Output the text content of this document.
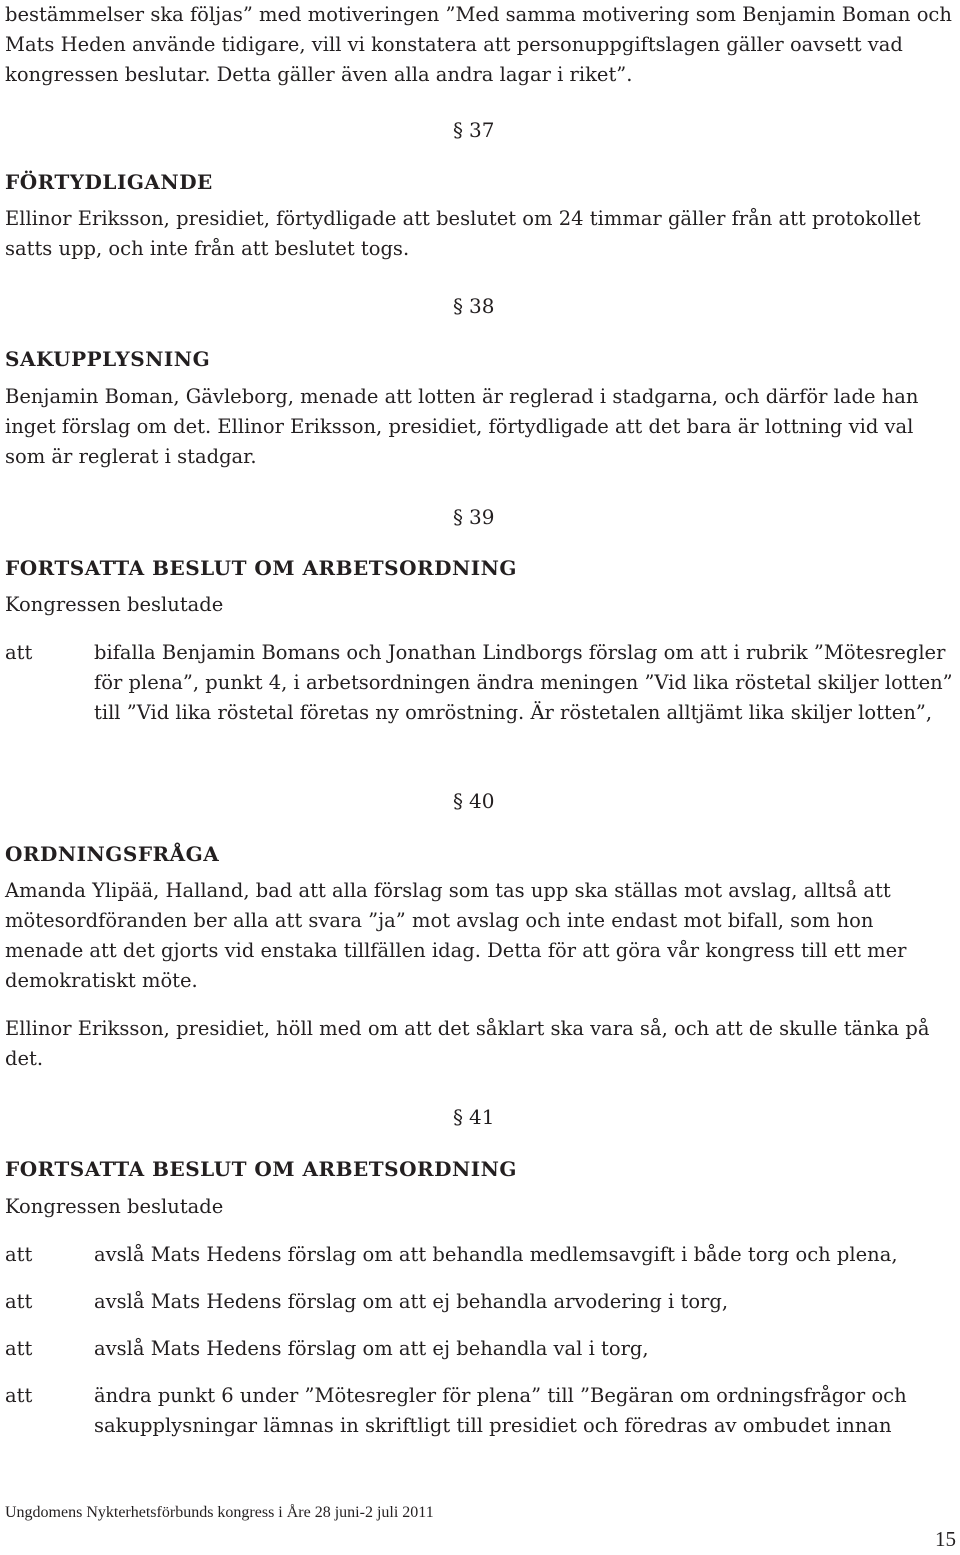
bestämmelser ska följas” med motiveringen ”Med samma motivering som Benjamin Boman och Mats Heden använde tidigare, vill vi konstatera att personuppgiftslagen gäller oavsett vad kongressen beslutar. Detta gäller även alla andra lagar i riket”.

§ 37
FÖRTYDLIGANDE

Ellinor Eriksson, presidiet, förtydligade att beslutet om 24 timmar gäller från att protokollet satts upp, och inte från att beslutet togs.

§ 38
SAKUPPLYSNING

Benjamin Boman, Gävleborg, menade att lotten är reglerad i stadgarna, och därför lade han inget förslag om det. Ellinor Eriksson, presidiet, förtydligade att det bara är lottning vid val som är reglerat i stadgar.

§ 39
FORTSATTA BESLUT OM ARBETSORDNING

Kongressen beslutade

att	bifalla Benjamin Bomans och Jonathan Lindborgs förslag om att i rubrik ”Mötesregler för plena”, punkt 4, i arbetsordningen ändra meningen ”Vid lika röstetal skiljer lotten” till ”Vid lika röstetal företas ny omröstning. Är röstetalen alltjämt lika skiljer lotten”,
§ 40
ORDNINGSFRÅGA

Amanda Ylipää, Halland, bad att alla förslag som tas upp ska ställas mot avslag, alltså att mötesordföranden ber alla att svara ”ja” mot avslag och inte endast mot bifall, som hon menade att det gjorts vid enstaka tillfällen idag. Detta för att göra vår kongress till ett mer demokratiskt möte.

Ellinor Eriksson, presidiet, höll med om att det såklart ska vara så, och att de skulle tänka på det.

§ 41
FORTSATTA BESLUT OM ARBETSORDNING

Kongressen beslutade

att	avslå Mats Hedens förslag om att behandla medlemsavgift i både torg och plena,
att	avslå Mats Hedens förslag om att ej behandla arvodering i torg,
att	avslå Mats Hedens förslag om att ej behandla val i torg,
att	ändra punkt 6 under ”Mötesregler för plena” till ”Begäran om ordningsfrågor och sakupplysningar lämnas in skriftligt till presidiet och föredras av ombudet innan
Ungdomens Nykterhetsförbunds kongress i Åre 28 juni-2 juli 2011
15
